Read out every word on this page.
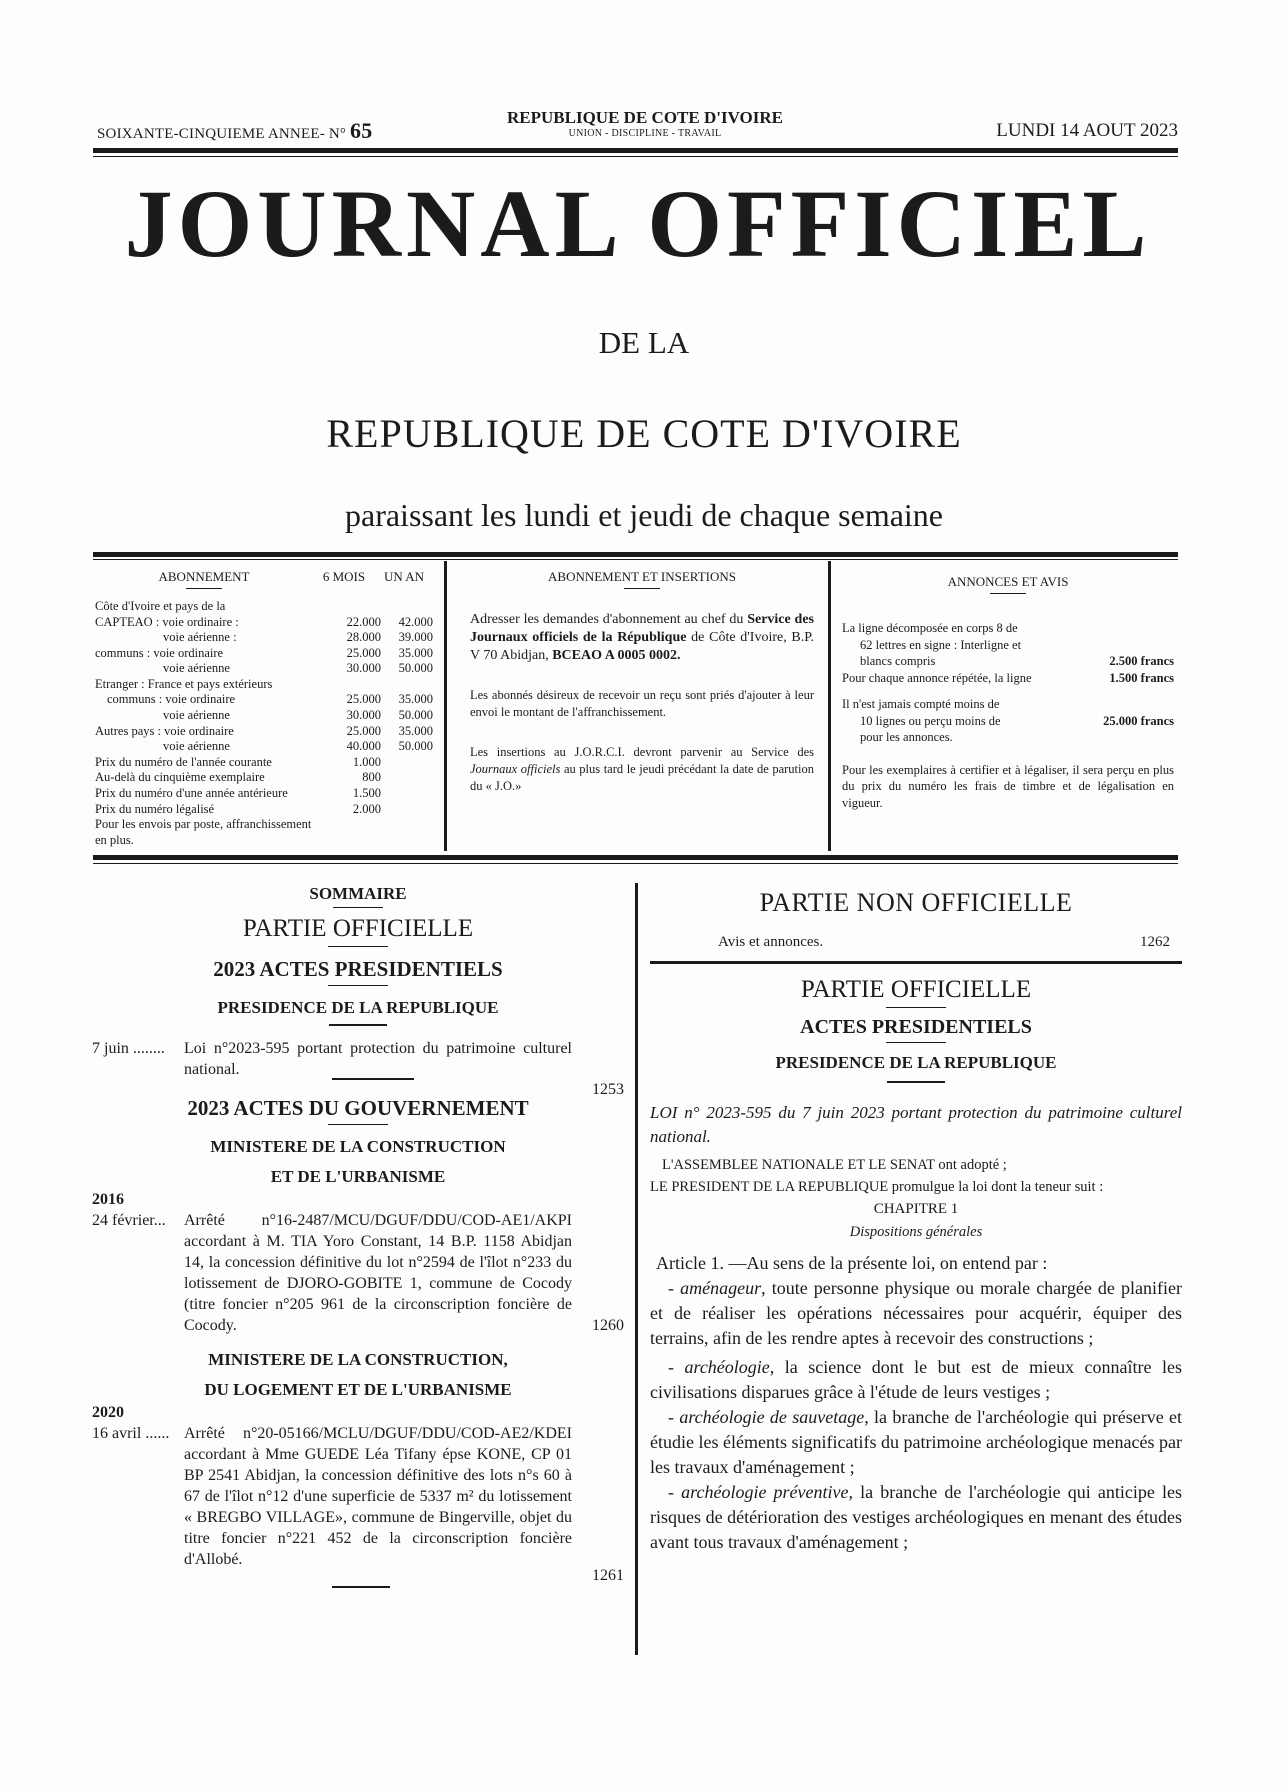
SOIXANTE-CINQUIEME ANNEE- N° 65
REPUBLIQUE DE COTE D'IVOIRE
UNION - DISCIPLINE - TRAVAIL	LUNDI 14 AOUT 2023
JOURNAL OFFICIEL
DE LA
REPUBLIQUE DE COTE D'IVOIRE
paraissant les lundi et jeudi de chaque semaine
ABONNEMENT	6 MOIS	UN AN
Côte d'Ivoire et pays de la
CAPTEAO : voie ordinaire :	22.000	42.000
voie aérienne :	28.000	39.000
communs : voie ordinaire	25.000	35.000
voie aérienne	30.000	50.000
Etranger : France et pays extérieurs
communs : voie ordinaire	25.000	35.000
voie aérienne	30.000	50.000
Autres pays : voie ordinaire	25.000	35.000
voie aérienne	40.000	50.000
Prix du numéro de l'année courante	1.000
Au-delà du cinquième exemplaire	800
Prix du numéro d'une année antérieure	1.500
Prix du numéro légalisé	2.000
Pour les envois par poste, affranchissement en plus.
ABONNEMENT ET INSERTIONS
Adresser les demandes d'abonnement au chef du Service des Journaux officiels de la République de Côte d'Ivoire, B.P. V 70 Abidjan, BCEAO A 0005 0002.
Les abonnés désireux de recevoir un reçu sont priés d'ajouter à leur envoi le montant de l'affranchissement.
Les insertions au J.O.R.C.I. devront parvenir au Service des Journaux officiels au plus tard le jeudi précédant la date de parution du « J.O.»
ANNONCES ET AVIS
La ligne décomposée en corps 8 de
62 lettres en signe : Interligne et
blancs compris	2.500 francs
Pour chaque annonce répétée, la ligne	1.500 francs
Il n'est jamais compté moins de
10 lignes ou perçu moins de	25.000 francs
pour les annonces.
Pour les exemplaires à certifier et à légaliser, il sera perçu en plus du prix du numéro les frais de timbre et de légalisation en vigueur.
SOMMAIRE
PARTIE OFFICIELLE
2023 ACTES PRESIDENTIELS
PRESIDENCE DE LA REPUBLIQUE
7 juin ........	Loi n°2023-595 portant protection du patrimoine culturel national.
1253
2023 ACTES DU GOUVERNEMENT
MINISTERE DE LA CONSTRUCTION
ET DE L'URBANISME
2016
24 février...	Arrêté n°16-2487/MCU/DGUF/DDU/COD-AE1/AKPI accordant à M. TIA Yoro Constant, 14 B.P. 1158 Abidjan 14, la concession définitive du lot n°2594 de l'îlot n°233 du lotissement de DJORO-GOBITE 1, commune de Cocody (titre foncier n°205 961 de la circonscription foncière de Cocody.	1260
MINISTERE DE LA CONSTRUCTION,
DU LOGEMENT ET DE L'URBANISME
2020
16 avril ...... Arrêté n°20-05166/MCLU/DGUF/DDU/COD-AE2/KDEI accordant à Mme GUEDE Léa Tifany épse KONE, CP 01 BP 2541 Abidjan, la concession définitive des lots n°s 60 à 67 de l'îlot n°12 d'une superficie de 5337 m² du lotissement « BREGBO VILLAGE», commune de Bingerville, objet du titre foncier n°221 452 de la circonscription foncière d'Allobé.
1261
PARTIE NON OFFICIELLE
Avis et annonces.	1262
PARTIE OFFICIELLE
ACTES PRESIDENTIELS
PRESIDENCE DE LA REPUBLIQUE
LOI n° 2023-595 du 7 juin 2023 portant protection du patrimoine culturel national.
L'ASSEMBLEE NATIONALE ET LE SENAT ont adopté ;
LE PRESIDENT DE LA REPUBLIQUE promulgue la loi dont la teneur suit :
CHAPITRE 1
Dispositions générales
Article 1. —Au sens de la présente loi, on entend par :
- aménageur, toute personne physique ou morale chargée de planifier et de réaliser les opérations nécessaires pour acquérir, équiper des terrains, afin de les rendre aptes à recevoir des constructions ;
- archéologie, la science dont le but est de mieux connaître les civilisations disparues grâce à l'étude de leurs vestiges ;
- archéologie de sauvetage, la branche de l'archéologie qui préserve et étudie les éléments significatifs du patrimoine archéologique menacés par les travaux d'aménagement ;
- archéologie préventive, la branche de l'archéologie qui anticipe les risques de détérioration des vestiges archéologiques en menant des études avant tous travaux d'aménagement ;
